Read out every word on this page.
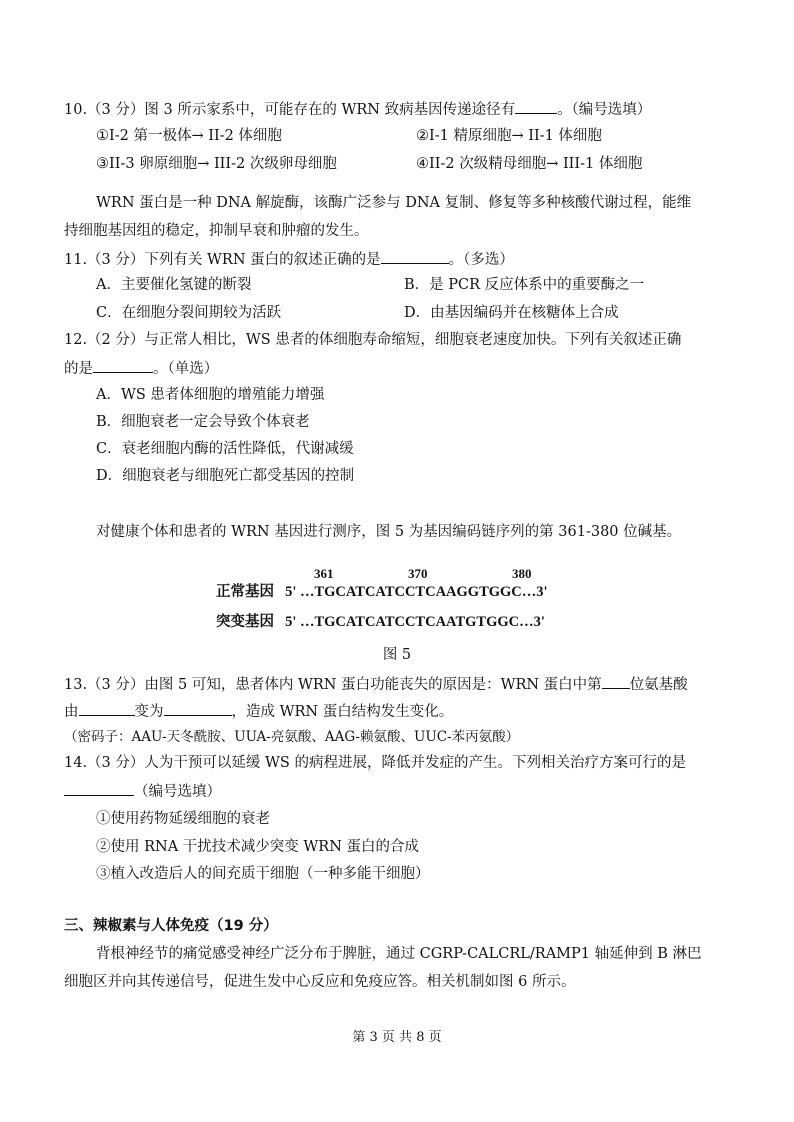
10.（3 分）图 3 所示家系中，可能存在的 WRN 致病基因传递途径有	。（编号选填）
①I-2 第一极体→ II-2 体细胞	②I-1 精原细胞→ II-1 体细胞
③II-3 卵原细胞→ III-2 次级卵母细胞	④II-2 次级精母细胞→ III-1 体细胞
WRN 蛋白是一种 DNA 解旋酶，该酶广泛参与 DNA 复制、修复等多种核酸代谢过程，能维
持细胞基因组的稳定，抑制早衰和肿瘤的发生。
11.（3 分）下列有关 WRN 蛋白的叙述正确的是	。（多选）
A．主要催化氢键的断裂	B．是 PCR 反应体系中的重要酶之一
C．在细胞分裂间期较为活跃	D．由基因编码并在核糖体上合成
12.（2 分）与正常人相比，WS 患者的体细胞寿命缩短，细胞衰老速度加快。下列有关叙述正确
的是	。（单选）
A．WS 患者体细胞的增殖能力增强
B．细胞衰老一定会导致个体衰老
C．衰老细胞内酶的活性降低，代谢减缓
D．细胞衰老与细胞死亡都受基因的控制
对健康个体和患者的 WRN 基因进行测序，图 5 为基因编码链序列的第 361-380 位碱基。
361	370	380
正常基因 5' …TGCATCATCCTCAAGGTGGC…3'
突变基因 5' …TGCATCATCCTCAATGTGGC…3'
图 5
13.（3 分）由图 5 可知，患者体内 WRN 蛋白功能丧失的原因是：WRN 蛋白中第 位氨基酸
由	变为	，造成 WRN 蛋白结构发生变化。
（密码子：AAU-天冬酰胺、UUA-亮氨酸、AAG-赖氨酸、UUC-苯丙氨酸）
14.（3 分）人为干预可以延缓 WS 的病程进展，降低并发症的产生。下列相关治疗方案可行的是
（编号选填）
①使用药物延缓细胞的衰老
②使用 RNA 干扰技术减少突变 WRN 蛋白的合成
③植入改造后人的间充质干细胞（一种多能干细胞）
三、辣椒素与人体免疫（19 分）
背根神经节的痛觉感受神经广泛分布于脾脏，通过 CGRP-CALCRL/RAMP1 轴延伸到 B 淋巴
细胞区并向其传递信号，促进生发中心反应和免疫应答。相关机制如图 6 所示。
第 3 页 共 8 页
